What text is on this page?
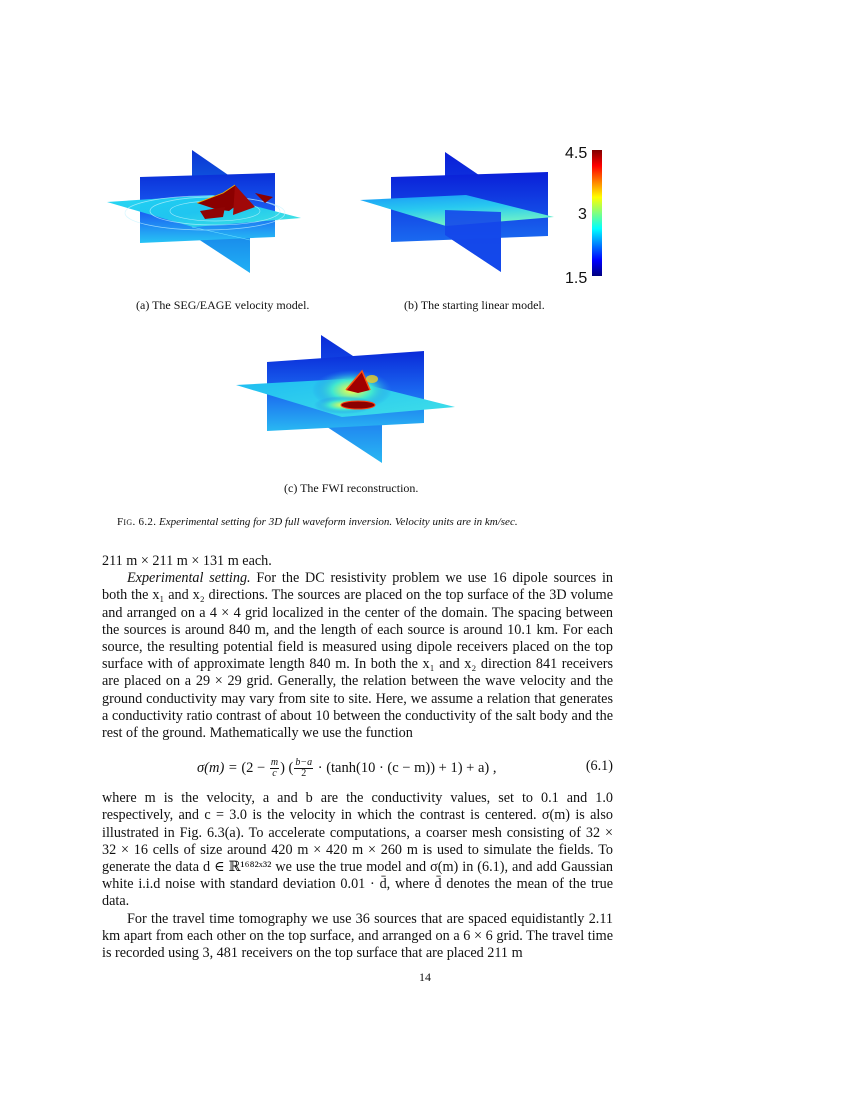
4.5
3
1.5
(a) The SEG/EAGE velocity model.	(b) The starting linear model.
(c) The FWI reconstruction.
Fig. 6.2. Experimental setting for 3D full waveform inversion. Velocity units are in km/sec.

211 m × 211 m × 131 m each.

Experimental setting. For the DC resistivity problem we use 16 dipole sources in both the x₁ and x₂ directions. The sources are placed on the top surface of the 3D volume and arranged on a 4 × 4 grid localized in the center of the domain. The spacing between the sources is around 840 m, and the length of each source is around 10.1 km. For each source, the resulting potential field is measured using dipole receivers placed on the top surface with of approximate length 840 m. In both the x₁ and x₂ direction 841 receivers are placed on a 29 × 29 grid. Generally, the relation between the wave velocity and the ground conductivity may vary from site to site. Here, we assume a relation that generates a conductivity ratio contrast of about 10 between the conductivity of the salt body and the rest of the ground. Mathematically we use the function

$\sigma(m) = (2 - \frac{m}{c}$ ) ( $\frac{b-a}{2} \cdot (\tanh(10 \cdot (c - m)) + 1) + a$) ,	(6.1)

where m is the velocity, a and b are the conductivity values, set to 0.1 and 1.0 respectively, and c = 3.0 is the velocity in which the contrast is centered. σ(m) is also illustrated in Fig. 6.3(a). To accelerate computations, a coarser mesh consisting of 32 × 32 × 16 cells of size around 420 m × 420 m × 260 m is used to simulate the fields. To generate the data d ∈ ℝ¹⁶⁸²ˣ³² we use the true model and σ(m) in (6.1), and add Gaussian white i.i.d noise with standard deviation 0.01 · d̄, where d̄ denotes the mean of the true data.

For the travel time tomography we use 36 sources that are spaced equidistantly 2.11 km apart from each other on the top surface, and arranged on a 6 × 6 grid. The travel time is recorded using 3, 481 receivers on the top surface that are placed 211 m

14
